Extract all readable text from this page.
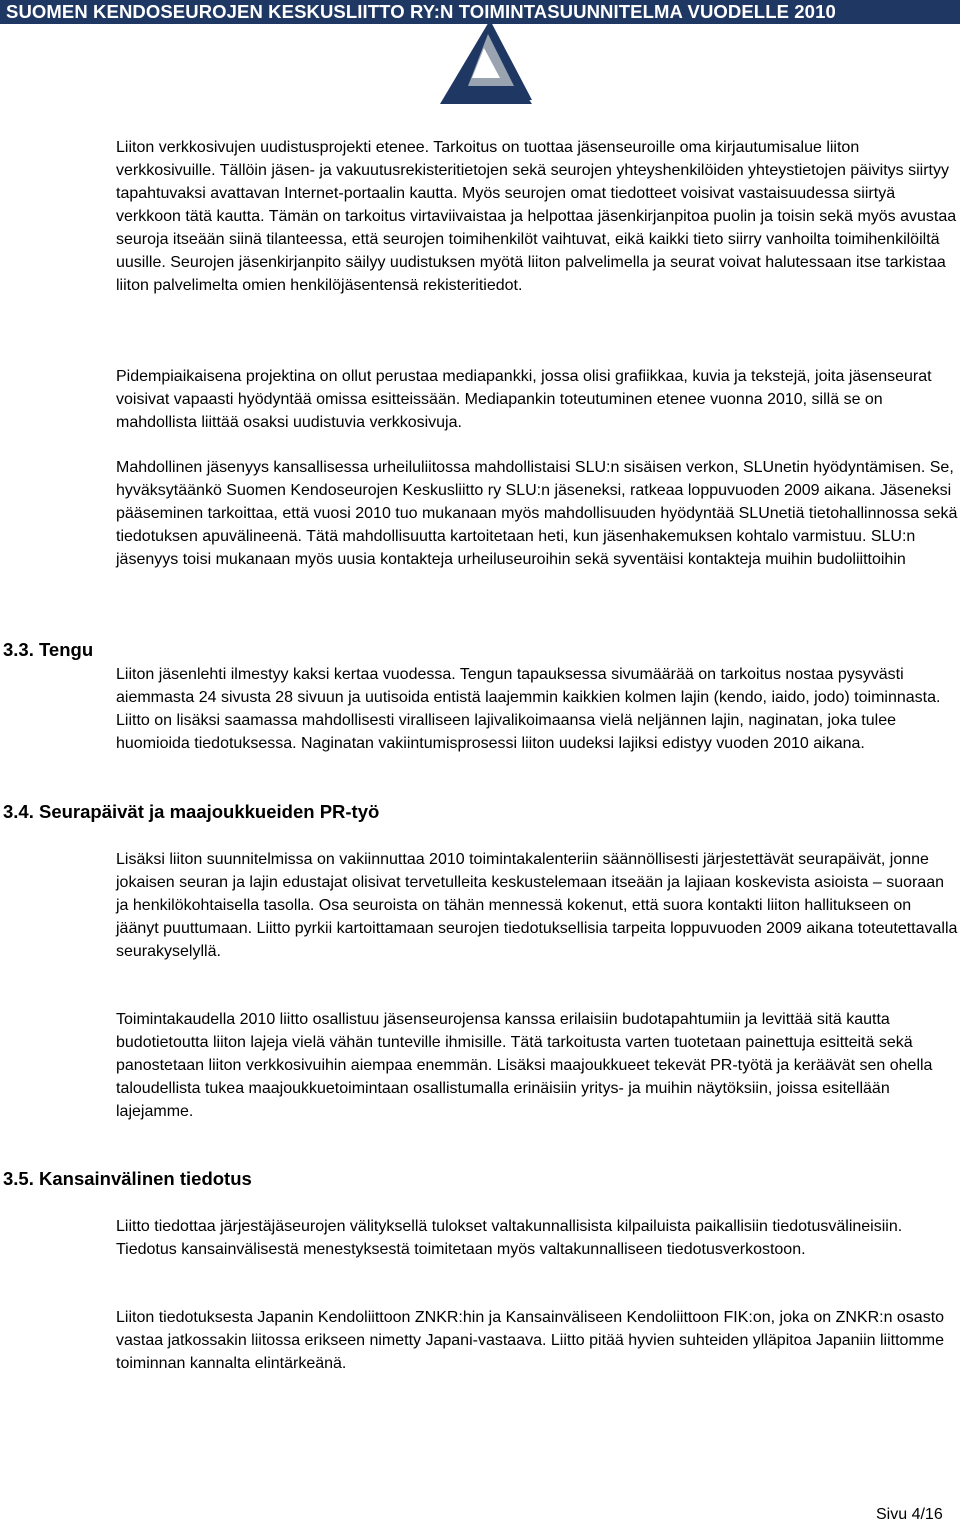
SUOMEN KENDOSEUROJEN KESKUSLIITTO RY:N TOIMINTASUUNNITELMA VUODELLE 2010

Liiton verkkosivujen uudistusprojekti etenee. Tarkoitus on tuottaa jäsenseuroille oma kirjautumisalue liiton verkkosivuille. Tällöin jäsen- ja vakuutusrekisteritietojen sekä seurojen yhteyshenkilöiden yhteystietojen päivitys siirtyy tapahtuvaksi avattavan Internet-portaalin kautta. Myös seurojen omat tiedotteet voisivat vastaisuudessa siirtyä verkkoon tätä kautta. Tämän on tarkoitus virtaviivaistaa ja helpottaa jäsenkirjanpitoa puolin ja toisin sekä myös avustaa seuroja itseään siinä tilanteessa, että seurojen toimihenkilöt vaihtuvat, eikä kaikki tieto siirry vanhoilta toimihenkilöiltä uusille. Seurojen jäsenkirjanpito säilyy uudistuksen myötä liiton palvelimella ja seurat voivat halutessaan itse tarkistaa liiton palvelimelta omien henkilöjäsentensä rekisteritiedot.

Pidempiaikaisena projektina on ollut perustaa mediapankki, jossa olisi grafiikkaa, kuvia ja tekstejä, joita jäsenseurat voisivat vapaasti hyödyntää omissa esitteissään. Mediapankin toteutuminen etenee vuonna 2010, sillä se on mahdollista liittää osaksi uudistuvia verkkosivuja.

Mahdollinen jäsenyys kansallisessa urheiluliitossa mahdollistaisi SLU:n sisäisen verkon, SLUnetin hyödyntämisen. Se, hyväksytäänkö Suomen Kendoseurojen Keskusliitto ry SLU:n jäseneksi, ratkeaa loppuvuoden 2009 aikana. Jäseneksi pääseminen tarkoittaa, että vuosi 2010 tuo mukanaan myös mahdollisuuden hyödyntää SLUnetiä tietohallinnossa sekä tiedotuksen apuvälineenä. Tätä mahdollisuutta kartoitetaan heti, kun jäsenhakemuksen kohtalo varmistuu. SLU:n jäsenyys toisi mukanaan myös uusia kontakteja urheiluseuroihin sekä syventäisi kontakteja muihin budoliittoihin

3.3. Tengu

Liiton jäsenlehti ilmestyy kaksi kertaa vuodessa. Tengun tapauksessa sivumäärää on tarkoitus nostaa pysyvästi aiemmasta 24 sivusta 28 sivuun ja uutisoida entistä laajemmin kaikkien kolmen lajin (kendo, iaido, jodo) toiminnasta. Liitto on lisäksi saamassa mahdollisesti viralliseen lajivalikoimaansa vielä neljännen lajin, naginatan, joka tulee huomioida tiedotuksessa. Naginatan vakiintumisprosessi liiton uudeksi lajiksi edistyy vuoden 2010 aikana.

3.4. Seurapäivät ja maajoukkueiden PR-työ

Lisäksi liiton suunnitelmissa on vakiinnuttaa 2010 toimintakalenteriin säännöllisesti järjestettävät seurapäivät, jonne jokaisen seuran ja lajin edustajat olisivat tervetulleita keskustelemaan itseään ja lajiaan koskevista asioista – suoraan ja henkilökohtaisella tasolla. Osa seuroista on tähän mennessä kokenut, että suora kontakti liiton hallitukseen on jäänyt puuttumaan. Liitto pyrkii kartoittamaan seurojen tiedotuksellisia tarpeita loppuvuoden 2009 aikana toteutettavalla seurakyselyllä.

Toimintakaudella 2010 liitto osallistuu jäsenseurojensa kanssa erilaisiin budotapahtumiin ja levittää sitä kautta budotietoutta liiton lajeja vielä vähän tunteville ihmisille. Tätä tarkoitusta varten tuotetaan painettuja esitteitä sekä panostetaan liiton verkkosivuihin aiempaa enemmän. Lisäksi maajoukkueet tekevät PR-työtä ja keräävät sen ohella taloudellista tukea maajoukkuetoimintaan osallistumalla erinäisiin yritys- ja muihin näytöksiin, joissa esitellään lajejamme.

3.5. Kansainvälinen tiedotus

Liitto tiedottaa järjestäjäseurojen välityksellä tulokset valtakunnallisista kilpailuista paikallisiin tiedotusvälineisiin. Tiedotus kansainvälisestä menestyksestä toimitetaan myös valtakunnalliseen tiedotusverkostoon.

Liiton tiedotuksesta Japanin Kendoliittoon ZNKR:hin ja Kansainväliseen Kendoliittoon FIK:on, joka on ZNKR:n osasto vastaa jatkossakin liitossa erikseen nimetty Japani-vastaava. Liitto pitää hyvien suhteiden ylläpitoa Japaniin liittomme toiminnan kannalta elintärkeänä.

Sivu 4/16
